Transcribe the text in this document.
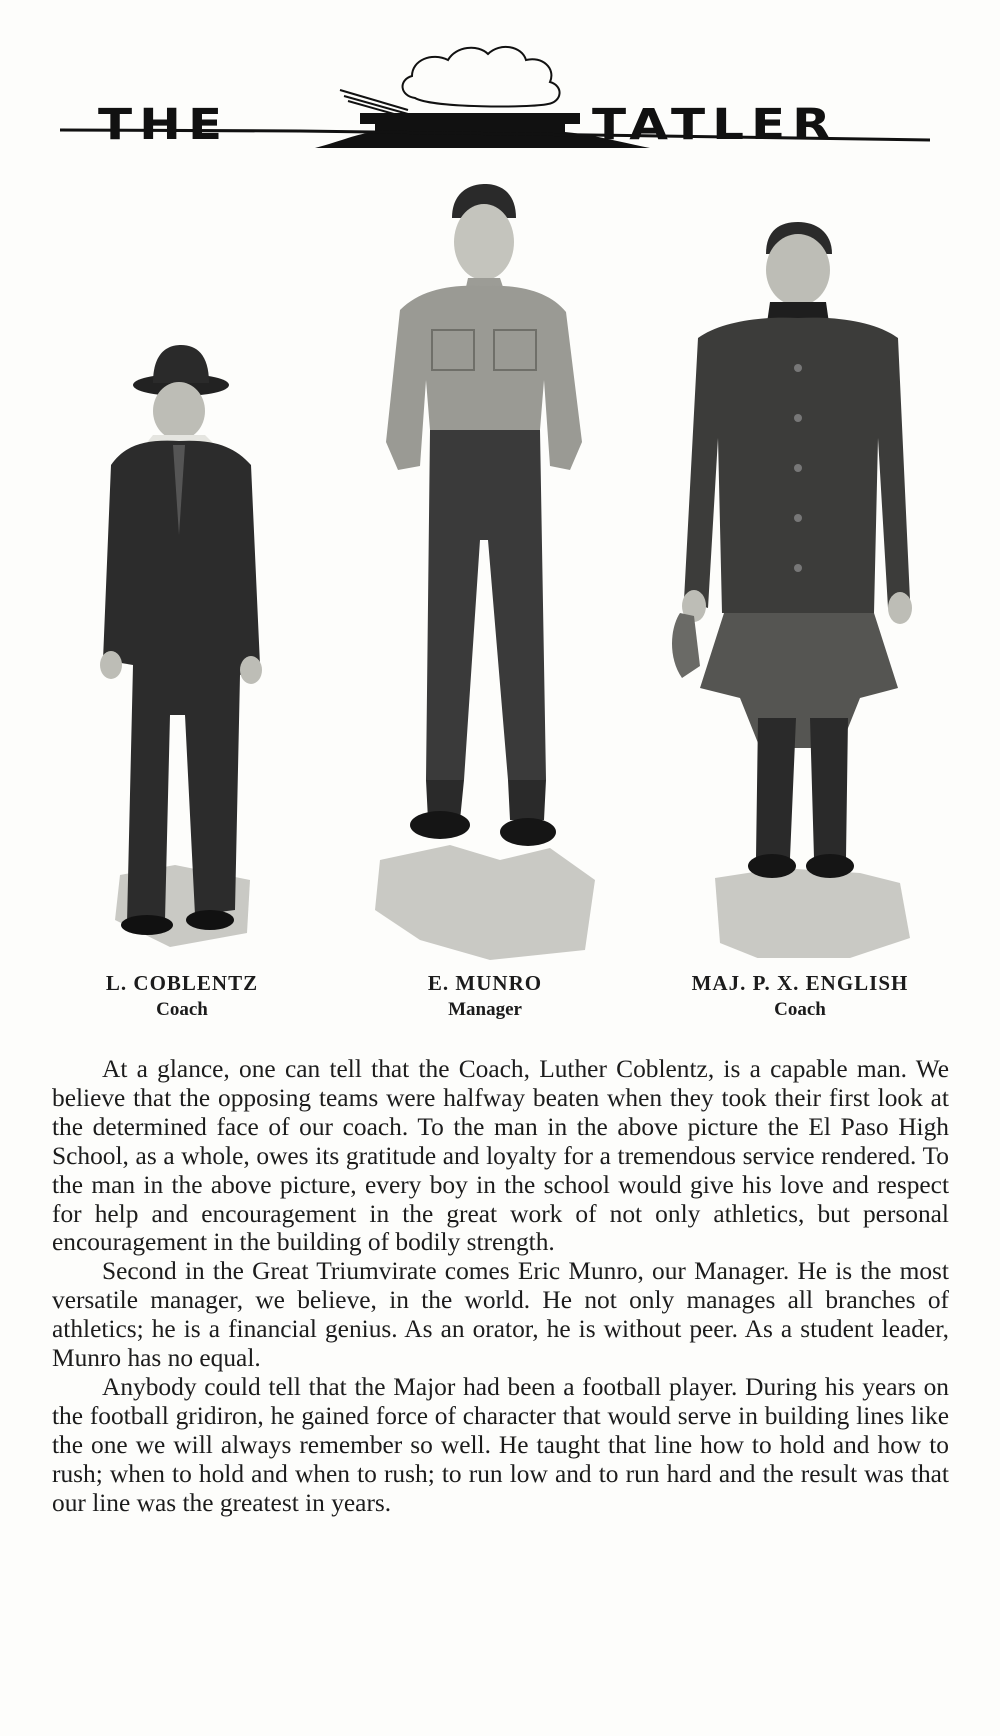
THE	TATLER
L. COBLENTZ
Coach
E. MUNRO
Manager
MAJ. P. X. ENGLISH
Coach

At a glance, one can tell that the Coach, Luther Coblentz, is a capable man. We believe that the opposing teams were halfway beaten when they took their first look at the determined face of our coach. To the man in the above picture the El Paso High School, as a whole, owes its gratitude and loyalty for a tremendous service rendered. To the man in the above picture, every boy in the school would give his love and respect for help and encouragement in the great work of not only athletics, but personal encouragement in the building of bodily strength.

Second in the Great Triumvirate comes Eric Munro, our Manager. He is the most versatile manager, we believe, in the world. He not only manages all branches of athletics; he is a financial genius. As an orator, he is without peer. As a student leader, Munro has no equal.

Anybody could tell that the Major had been a football player. During his years on the football gridiron, he gained force of character that would serve in building lines like the one we will always remember so well. He taught that line how to hold and how to rush; when to hold and when to rush; to run low and to run hard and the result was that our line was the greatest in years.
